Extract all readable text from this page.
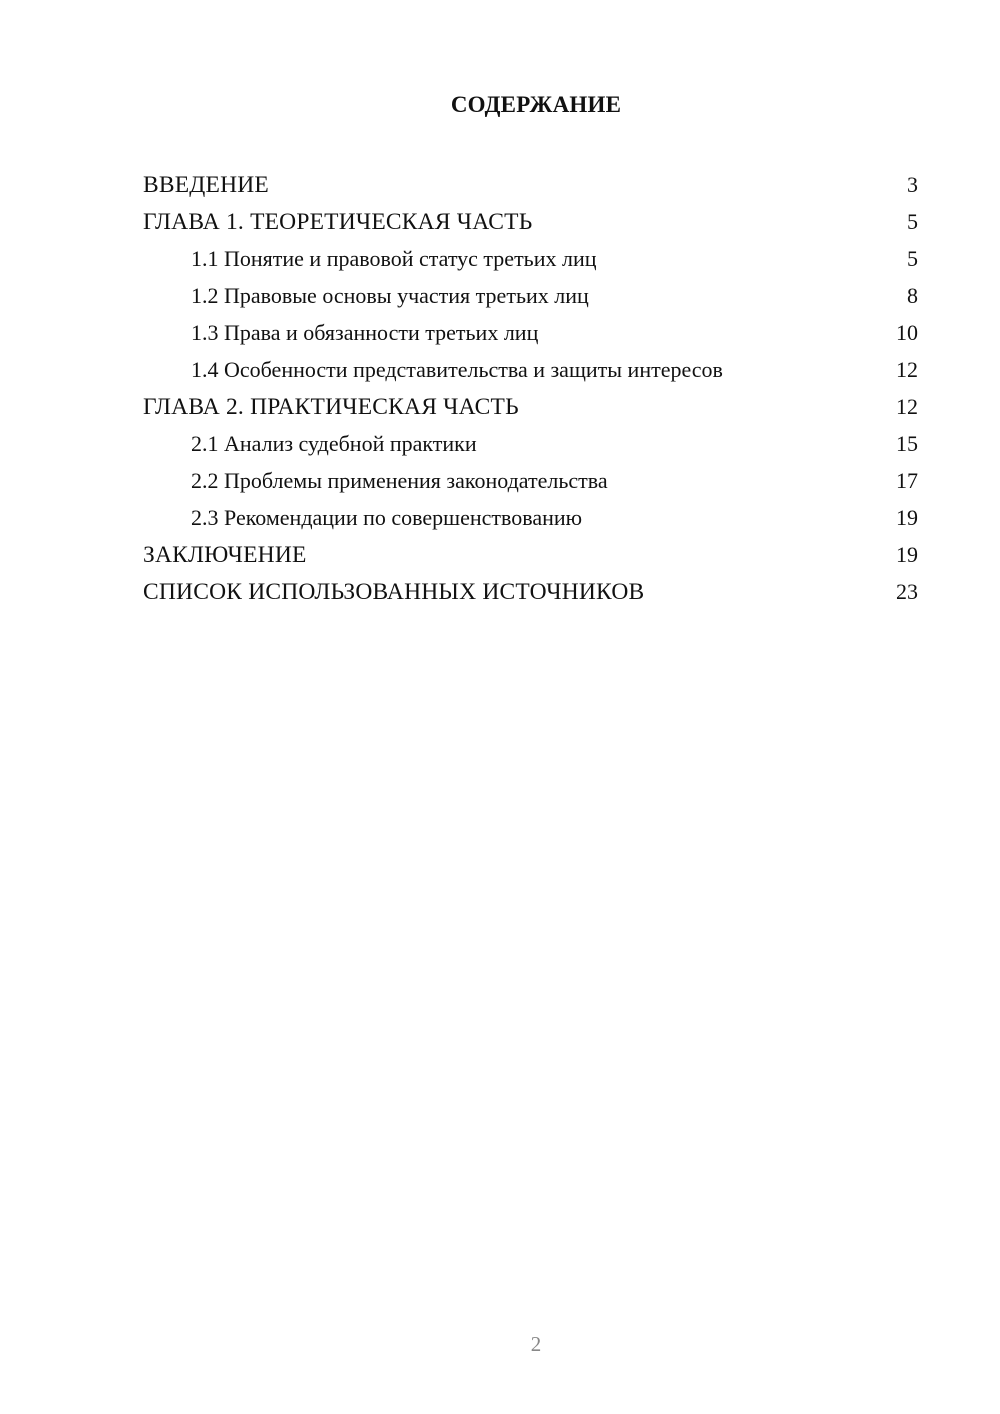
СОДЕРЖАНИЕ
ВВЕДЕНИЕ	3
ГЛАВА 1. ТЕОРЕТИЧЕСКАЯ ЧАСТЬ	5
1.1 Понятие и правовой статус третьих лиц	5
1.2 Правовые основы участия третьих лиц	8
1.3 Права и обязанности третьих лиц	10
1.4 Особенности представительства и защиты интересов	12
ГЛАВА 2. ПРАКТИЧЕСКАЯ ЧАСТЬ	12
2.1 Анализ судебной практики	15
2.2 Проблемы применения законодательства	17
2.3 Рекомендации по совершенствованию	19
ЗАКЛЮЧЕНИЕ	19
СПИСОК ИСПОЛЬЗОВАННЫХ ИСТОЧНИКОВ	23
2
